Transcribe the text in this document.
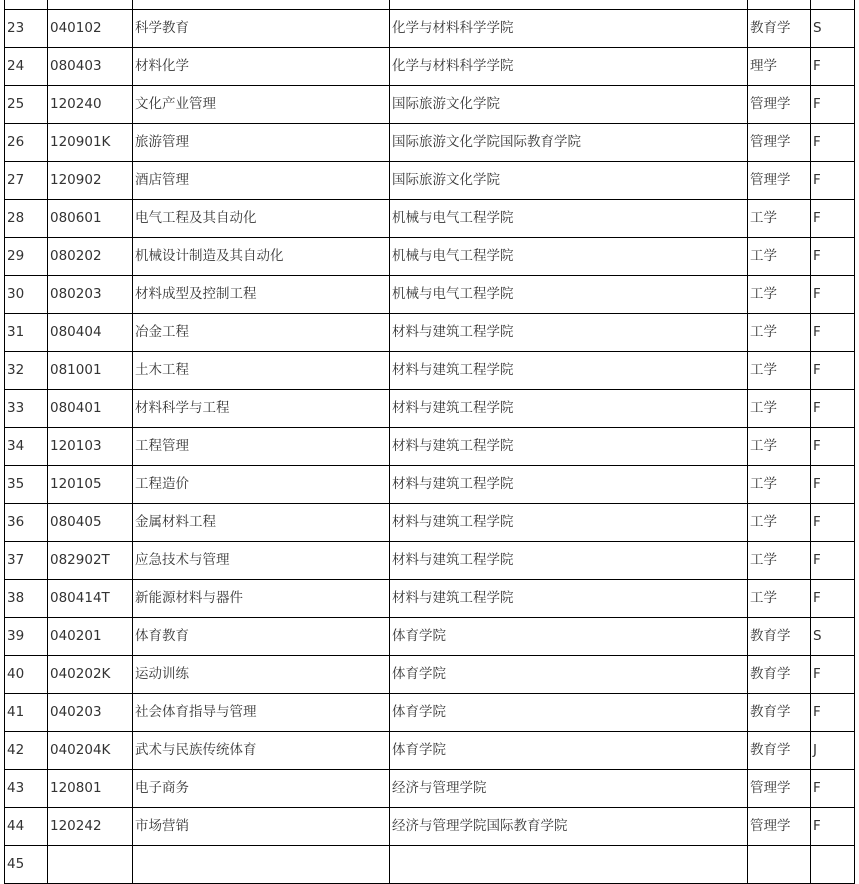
23	040102	科学教育	化学与材料科学学院	教育学	S
24	080403	材料化学	化学与材料科学学院	理学	F
25	120240	文化产业管理	国际旅游文化学院	管理学	F
26	120901K	旅游管理	国际旅游文化学院国际教育学院	管理学	F
27	120902	酒店管理	国际旅游文化学院	管理学	F
28	080601	电气工程及其自动化	机械与电气工程学院	工学	F
29	080202	机械设计制造及其自动化	机械与电气工程学院	工学	F
30	080203	材料成型及控制工程	机械与电气工程学院	工学	F
31	080404	冶金工程	材料与建筑工程学院	工学	F
32	081001	土木工程	材料与建筑工程学院	工学	F
33	080401	材料科学与工程	材料与建筑工程学院	工学	F
34	120103	工程管理	材料与建筑工程学院	工学	F
35	120105	工程造价	材料与建筑工程学院	工学	F
36	080405	金属材料工程	材料与建筑工程学院	工学	F
37	082902T	应急技术与管理	材料与建筑工程学院	工学	F
38	080414T	新能源材料与器件	材料与建筑工程学院	工学	F
39	040201	体育教育	体育学院	教育学	S
40	040202K	运动训练	体育学院	教育学	F
41	040203	社会体育指导与管理	体育学院	教育学	F
42	040204K	武术与民族传统体育	体育学院	教育学	J
43	120801	电子商务	经济与管理学院	管理学	F
44	120242	市场营销	经济与管理学院国际教育学院	管理学	F
45					
